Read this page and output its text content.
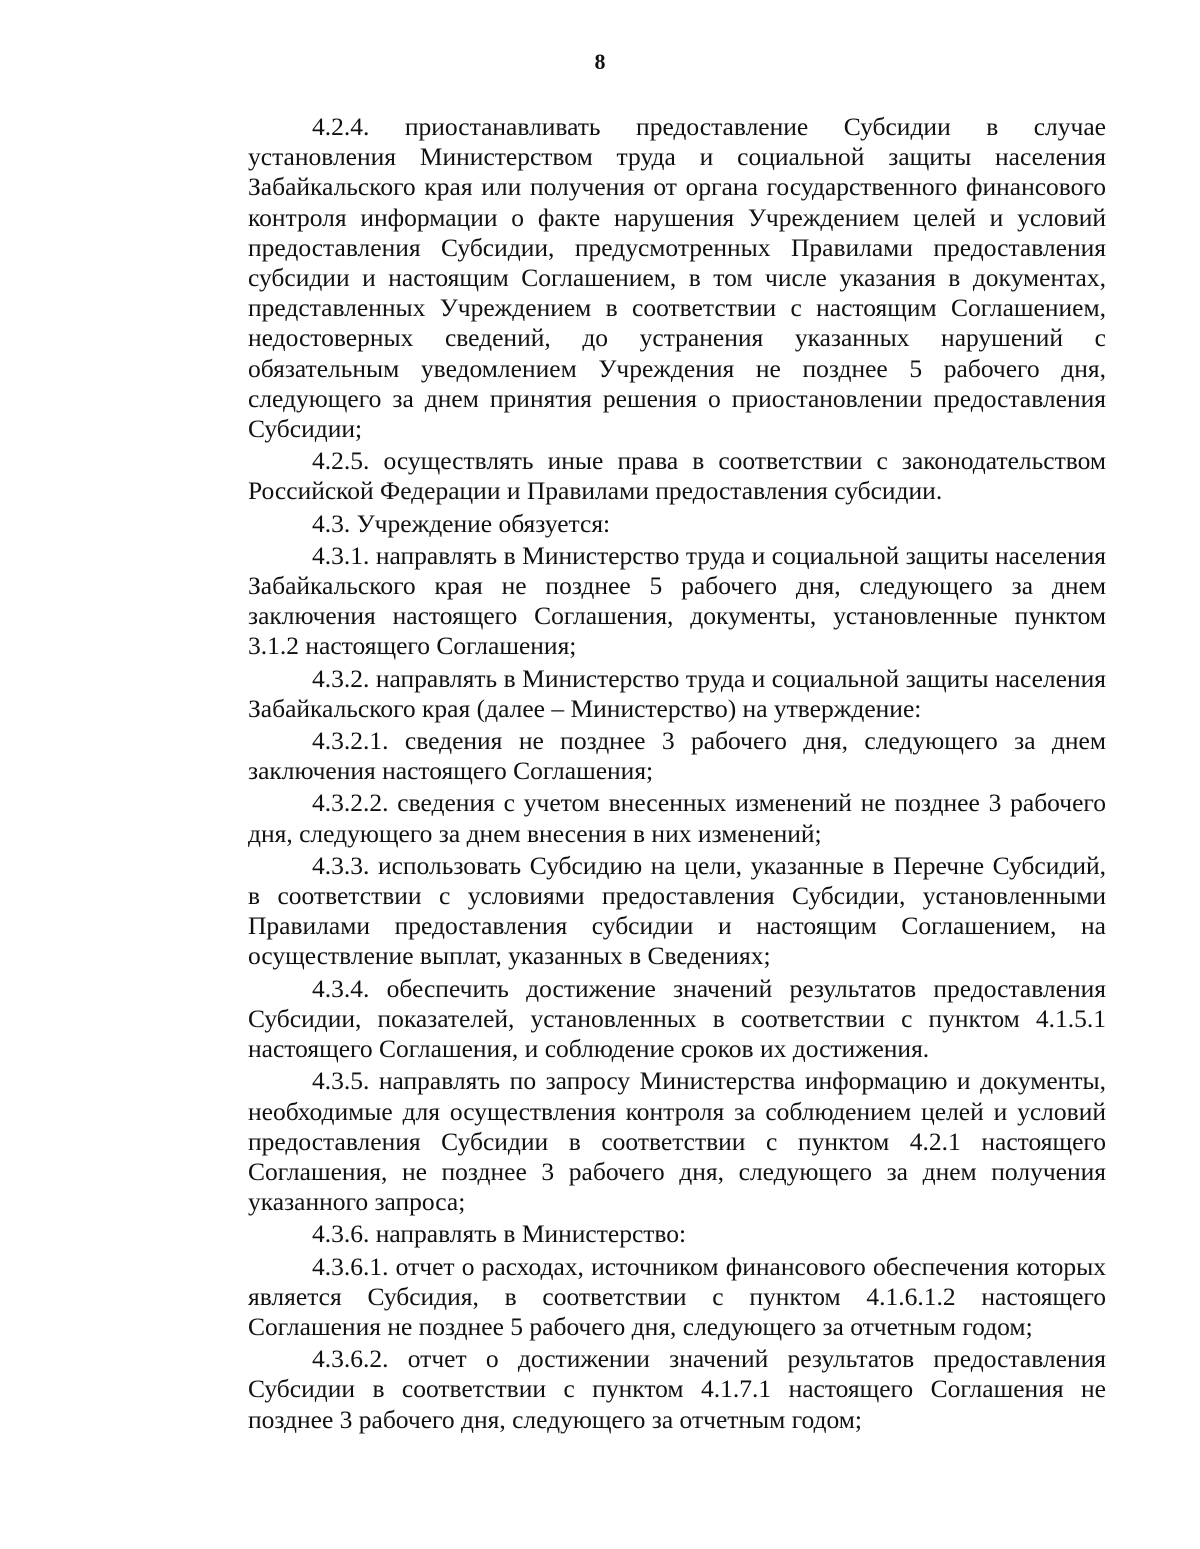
8

4.2.4. приостанавливать предоставление Субсидии в случае установления Министерством труда и социальной защиты населения Забайкальского края или получения от органа государственного финансового контроля информации о факте нарушения Учреждением целей и условий предоставления Субсидии, предусмотренных Правилами предоставления субсидии и настоящим Соглашением, в том числе указания в документах, представленных Учреждением в соответствии с настоящим Соглашением, недостоверных сведений, до устранения указанных нарушений с обязательным уведомлением Учреждения не позднее 5 рабочего дня, следующего за днем принятия решения о приостановлении предоставления Субсидии;

4.2.5. осуществлять иные права в соответствии с законодательством Российской Федерации и Правилами предоставления субсидии.

4.3. Учреждение обязуется:

4.3.1. направлять в Министерство труда и социальной защиты населения Забайкальского края не позднее 5 рабочего дня, следующего за днем заключения настоящего Соглашения, документы, установленные пунктом 3.1.2 настоящего Соглашения;

4.3.2. направлять в Министерство труда и социальной защиты населения Забайкальского края (далее – Министерство) на утверждение:

4.3.2.1. сведения не позднее 3 рабочего дня, следующего за днем заключения настоящего Соглашения;

4.3.2.2. сведения с учетом внесенных изменений не позднее 3 рабочего дня, следующего за днем внесения в них изменений;

4.3.3. использовать Субсидию на цели, указанные в Перечне Субсидий, в соответствии с условиями предоставления Субсидии, установленными Правилами предоставления субсидии и настоящим Соглашением, на осуществление выплат, указанных в Сведениях;

4.3.4. обеспечить достижение значений результатов предоставления Субсидии, показателей, установленных в соответствии с пунктом 4.1.5.1 настоящего Соглашения, и соблюдение сроков их достижения.

4.3.5. направлять по запросу Министерства информацию и документы, необходимые для осуществления контроля за соблюдением целей и условий предоставления Субсидии в соответствии с пунктом 4.2.1 настоящего Соглашения, не позднее 3 рабочего дня, следующего за днем получения указанного запроса;

4.3.6. направлять в Министерство:

4.3.6.1. отчет о расходах, источником финансового обеспечения которых является Субсидия, в соответствии с пунктом 4.1.6.1.2 настоящего Соглашения не позднее 5 рабочего дня, следующего за отчетным годом;

4.3.6.2. отчет о достижении значений результатов предоставления Субсидии в соответствии с пунктом 4.1.7.1 настоящего Соглашения не позднее 3 рабочего дня, следующего за отчетным годом;
